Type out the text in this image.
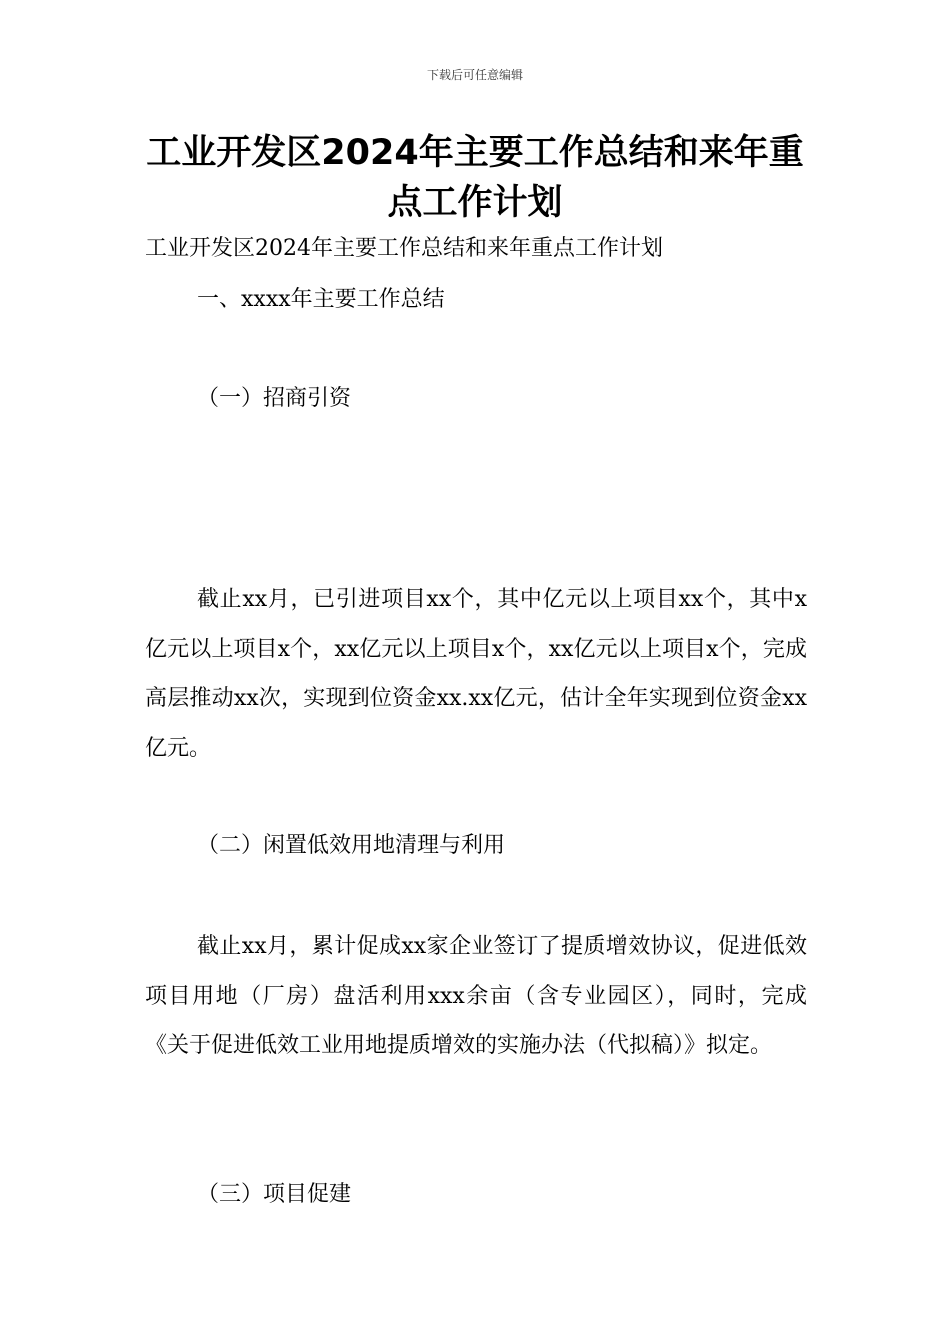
下载后可任意编辑
工业开发区2024年主要工作总结和来年重点工作计划

工业开发区2024年主要工作总结和来年重点工作计划

一、xxxx年主要工作总结

（一）招商引资

截止xx月，已引进项目xx个，其中亿元以上项目xx个，其中x亿元以上项目x个，xx亿元以上项目x个，xx亿元以上项目x个，完成高层推动xx次，实现到位资金xx.xx亿元，估计全年实现到位资金xx亿元。

（二）闲置低效用地清理与利用

截止xx月，累计促成xx家企业签订了提质增效协议，促进低效项目用地（厂房）盘活利用xxx余亩（含专业园区），同时，完成《关于促进低效工业用地提质增效的实施办法（代拟稿）》拟定。

（三）项目促建
